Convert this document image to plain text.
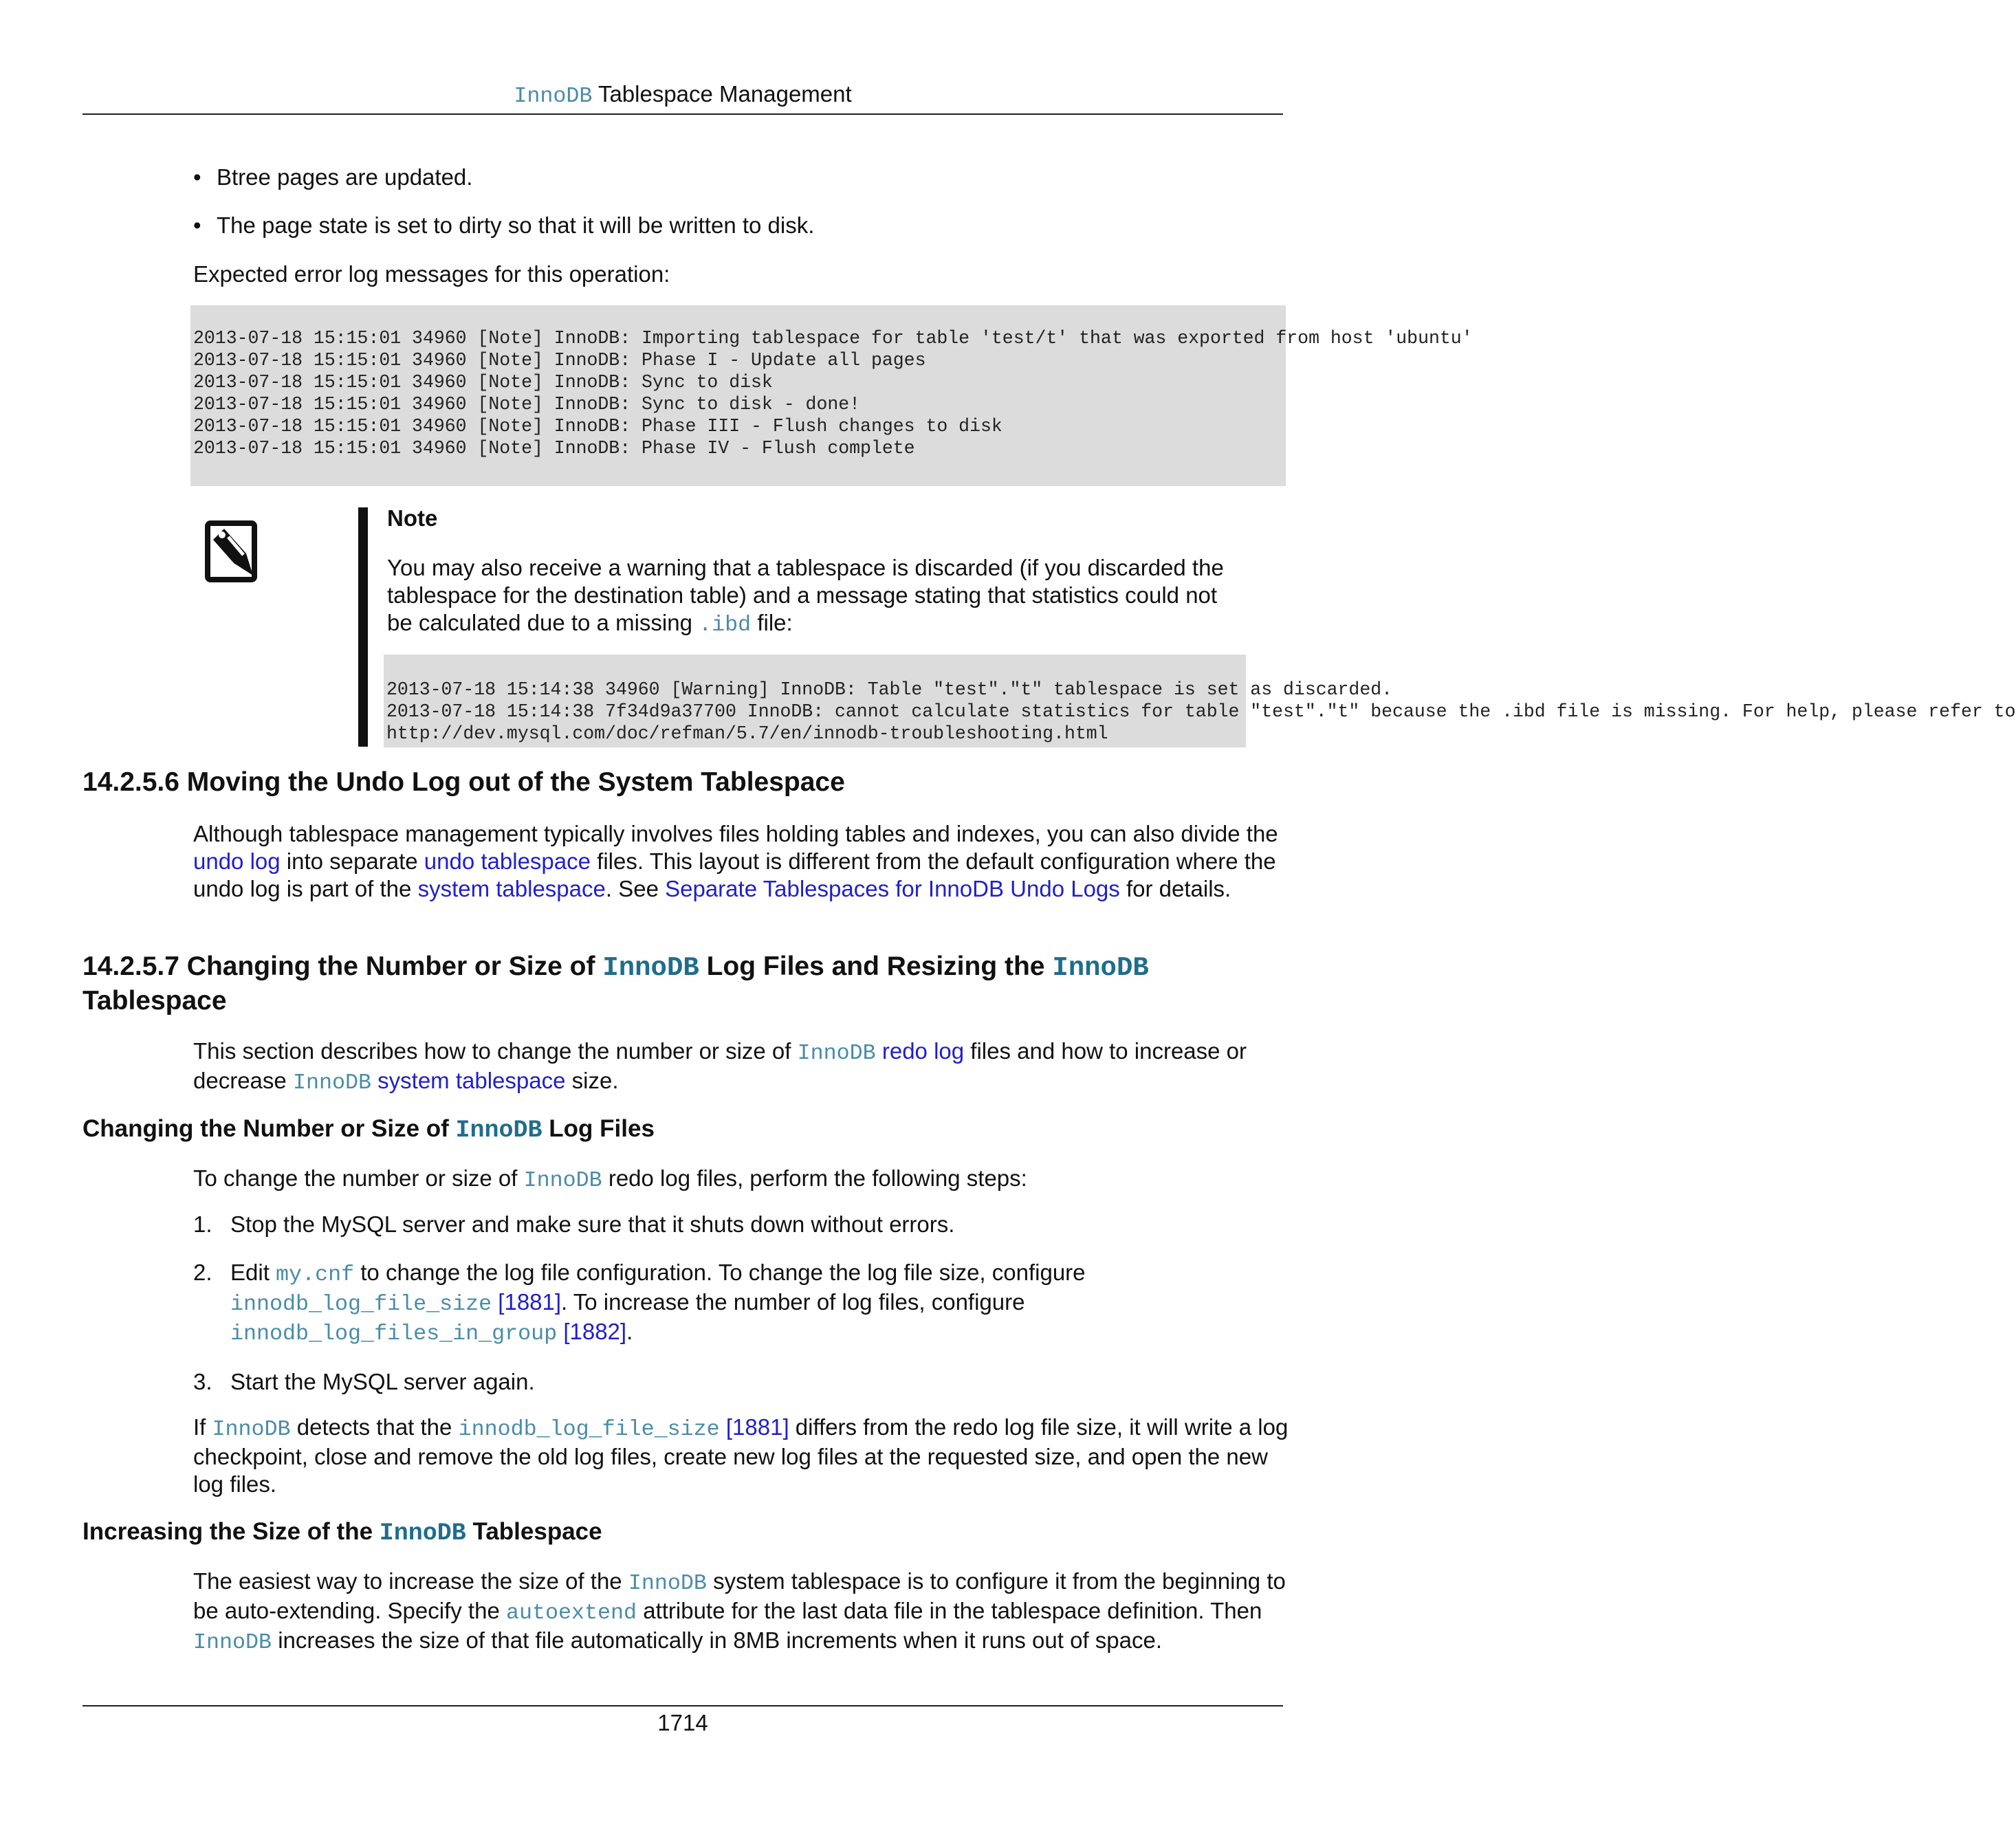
InnoDB Tablespace Management
• Btree pages are updated.
• The page state is set to dirty so that it will be written to disk.
Expected error log messages for this operation:
2013-07-18 15:15:01 34960 [Note] InnoDB: Importing tablespace for table 'test/t' that was exported from host 'ubuntu'
2013-07-18 15:15:01 34960 [Note] InnoDB: Phase I - Update all pages
2013-07-18 15:15:01 34960 [Note] InnoDB: Sync to disk
2013-07-18 15:15:01 34960 [Note] InnoDB: Sync to disk - done!
2013-07-18 15:15:01 34960 [Note] InnoDB: Phase III - Flush changes to disk
2013-07-18 15:15:01 34960 [Note] InnoDB: Phase IV - Flush complete
Note
You may also receive a warning that a tablespace is discarded (if you discarded the tablespace for the destination table) and a message stating that statistics could not be calculated due to a missing .ibd file:
2013-07-18 15:14:38 34960 [Warning] InnoDB: Table "test"."t" tablespace is set as discarded.
2013-07-18 15:14:38 7f34d9a37700 InnoDB: cannot calculate statistics for table "test"."t" because the .ibd file is missing. For help, please refer to
http://dev.mysql.com/doc/refman/5.7/en/innodb-troubleshooting.html
14.2.5.6 Moving the Undo Log out of the System Tablespace

Although tablespace management typically involves files holding tables and indexes, you can also divide the undo log into separate undo tablespace files. This layout is different from the default configuration where the undo log is part of the system tablespace. See Separate Tablespaces for InnoDB Undo Logs for details.

14.2.5.7 Changing the Number or Size of InnoDB Log Files and Resizing the InnoDB
Tablespace

This section describes how to change the number or size of InnoDB redo log files and how to increase or decrease InnoDB system tablespace size.

Changing the Number or Size of InnoDB Log Files

To change the number or size of InnoDB redo log files, perform the following steps:

1. Stop the MySQL server and make sure that it shuts down without errors.
2. Edit my.cnf to change the log file configuration. To change the log file size, configure
innodb_log_file_size [1881]. To increase the number of log files, configure
innodb_log_files_in_group [1882].
3. Start the MySQL server again.

If InnoDB detects that the innodb_log_file_size [1881] differs from the redo log file size, it will write a log checkpoint, close and remove the old log files, create new log files at the requested size, and open the new log files.

Increasing the Size of the InnoDB Tablespace

The easiest way to increase the size of the InnoDB system tablespace is to configure it from the beginning to be auto-extending. Specify the autoextend attribute for the last data file in the tablespace definition. Then InnoDB increases the size of that file automatically in 8MB increments when it runs out of space.

1714
